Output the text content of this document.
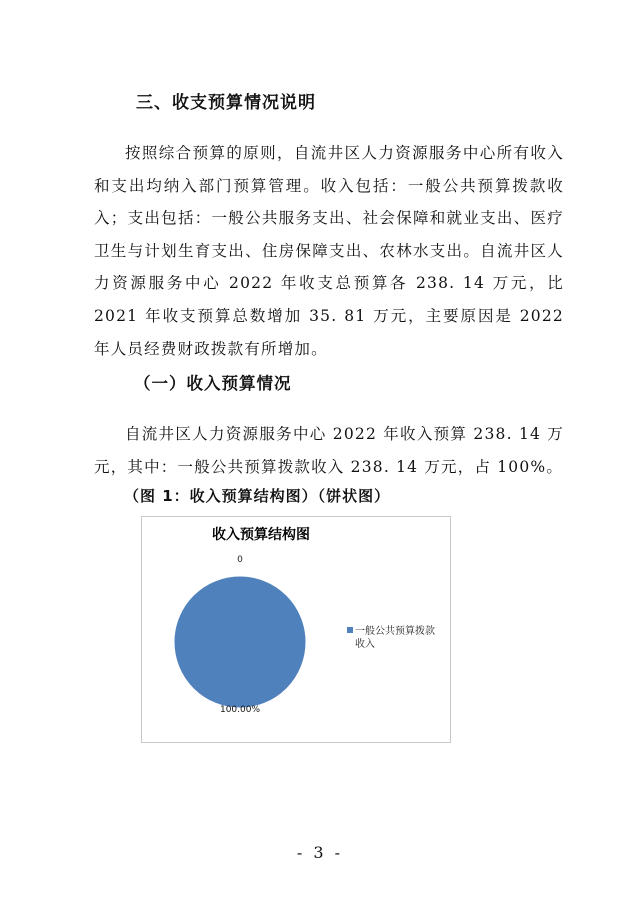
三、收支预算情况说明

按照综合预算的原则，自流井区人力资源服务中心所有收入和支出均纳入部门预算管理。收入包括：一般公共预算拨款收入；支出包括：一般公共服务支出、社会保障和就业支出、医疗卫生与计划生育支出、住房保障支出、农林水支出。自流井区人力资源服务中心 2022 年收支总预算各 238. 14 万元，比 2021 年收支预算总数增加 35. 81 万元，主要原因是 2022 年人员经费财政拨款有所增加。

（一）收入预算情况

自流井区人力资源服务中心 2022 年收入预算 238. 14 万元，其中：一般公共预算拨款收入 238. 14 万元，占 100%。

（图 1：收入预算结构图）（饼状图）
收入预算结构图
0
100.00%
一般公共预算拨款
收入
- 3 -
